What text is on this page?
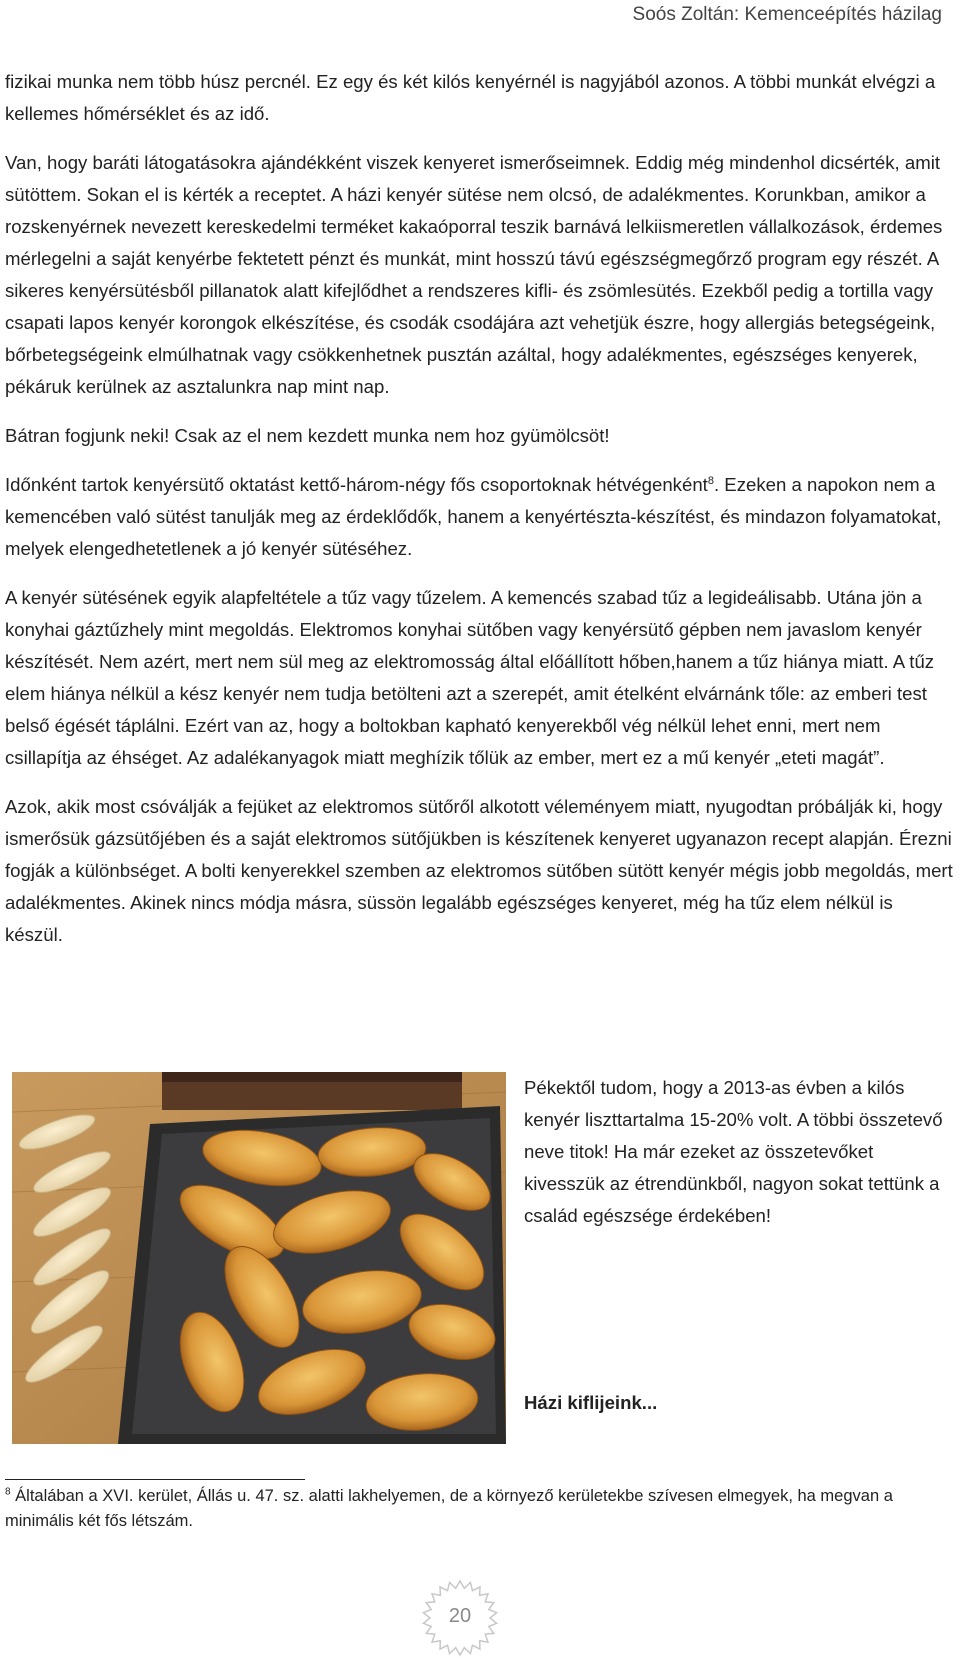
Soós Zoltán: Kemenceépítés házilag

fizikai munka nem több húsz percnél. Ez egy és két kilós kenyérnél is nagyjából azonos. A többi munkát elvégzi a kellemes hőmérséklet és az idő.

Van, hogy baráti látogatásokra ajándékként viszek kenyeret ismerőseimnek. Eddig még mindenhol dicsérték, amit sütöttem. Sokan el is kérték a receptet. A házi kenyér sütése nem olcsó, de adalékmentes. Korunkban, amikor a rozskenyérnek nevezett kereskedelmi terméket kakaóporral teszik barnává lelkiismeretlen vállalkozások, érdemes mérlegelni a saját kenyérbe fektetett pénzt és munkát, mint hosszú távú egészségmegőrző program egy részét. A sikeres kenyérsütésből pillanatok alatt kifejlődhet a rendszeres kifli- és zsömlesütés. Ezekből pedig a tortilla vagy csapati lapos kenyér korongok elkészítése, és csodák csodájára azt vehetjük észre, hogy allergiás betegségeink, bőrbetegségeink elmúlhatnak vagy csökkenhetnek pusztán azáltal, hogy adalékmentes, egészséges kenyerek, pékáruk kerülnek az asztalunkra nap mint nap.

Bátran fogjunk neki! Csak az el nem kezdett munka nem hoz gyümölcsöt!

Időnként tartok kenyérsütő oktatást kettő-három-négy fős csoportoknak hétvégenként$^8$. Ezeken a napokon nem a kemencében való sütést tanulják meg az érdeklődők, hanem a kenyértészta-készítést, és mindazon folyamatokat, melyek elengedhetetlenek a jó kenyér sütéséhez.

A kenyér sütésének egyik alapfeltétele a tűz vagy tűzelem. A kemencés szabad tűz a legideálisabb. Utána jön a konyhai gáztűzhely mint megoldás. Elektromos konyhai sütőben vagy kenyérsütő gépben nem javaslom kenyér készítését. Nem azért, mert nem sül meg az elektromosság által előállított hőben,hanem a tűz hiánya miatt. A tűz elem hiánya nélkül a kész kenyér nem tudja betölteni azt a szerepét, amit ételként elvárnánk tőle: az emberi test belső égését táplálni. Ezért van az, hogy a boltokban kapható kenyerekből vég nélkül lehet enni, mert nem csillapítja az éhséget. Az adalékanyagok miatt meghízik tőlük az ember, mert ez a mű kenyér „eteti magát”.

Azok, akik most csóválják a fejüket az elektromos sütőről alkotott véleményem miatt, nyugodtan próbálják ki, hogy ismerősük gázsütőjében és a saját elektromos sütőjükben is készítenek kenyeret ugyanazon recept alapján. Érezni fogják a különbséget. A bolti kenyerekkel szemben az elektromos sütőben sütött kenyér mégis jobb megoldás, mert adalékmentes. Akinek nincs módja másra, süssön legalább egészséges kenyeret, még ha tűz elem nélkül is készül.

Pékektől tudom, hogy a 2013-as évben a kilós kenyér liszttartalma 15-20% volt. A többi összetevő neve titok! Ha már ezeket az összetevőket kivesszük az étrendünkből, nagyon sokat tettünk a család egészsége érdekében!

Házi kiflijeink...
$^8$ Általában a XVI. kerület, Állás u. 47. sz. alatti lakhelyemen, de a környező kerületekbe szívesen elmegyek, ha megvan a minimális két fős létszám.
20
